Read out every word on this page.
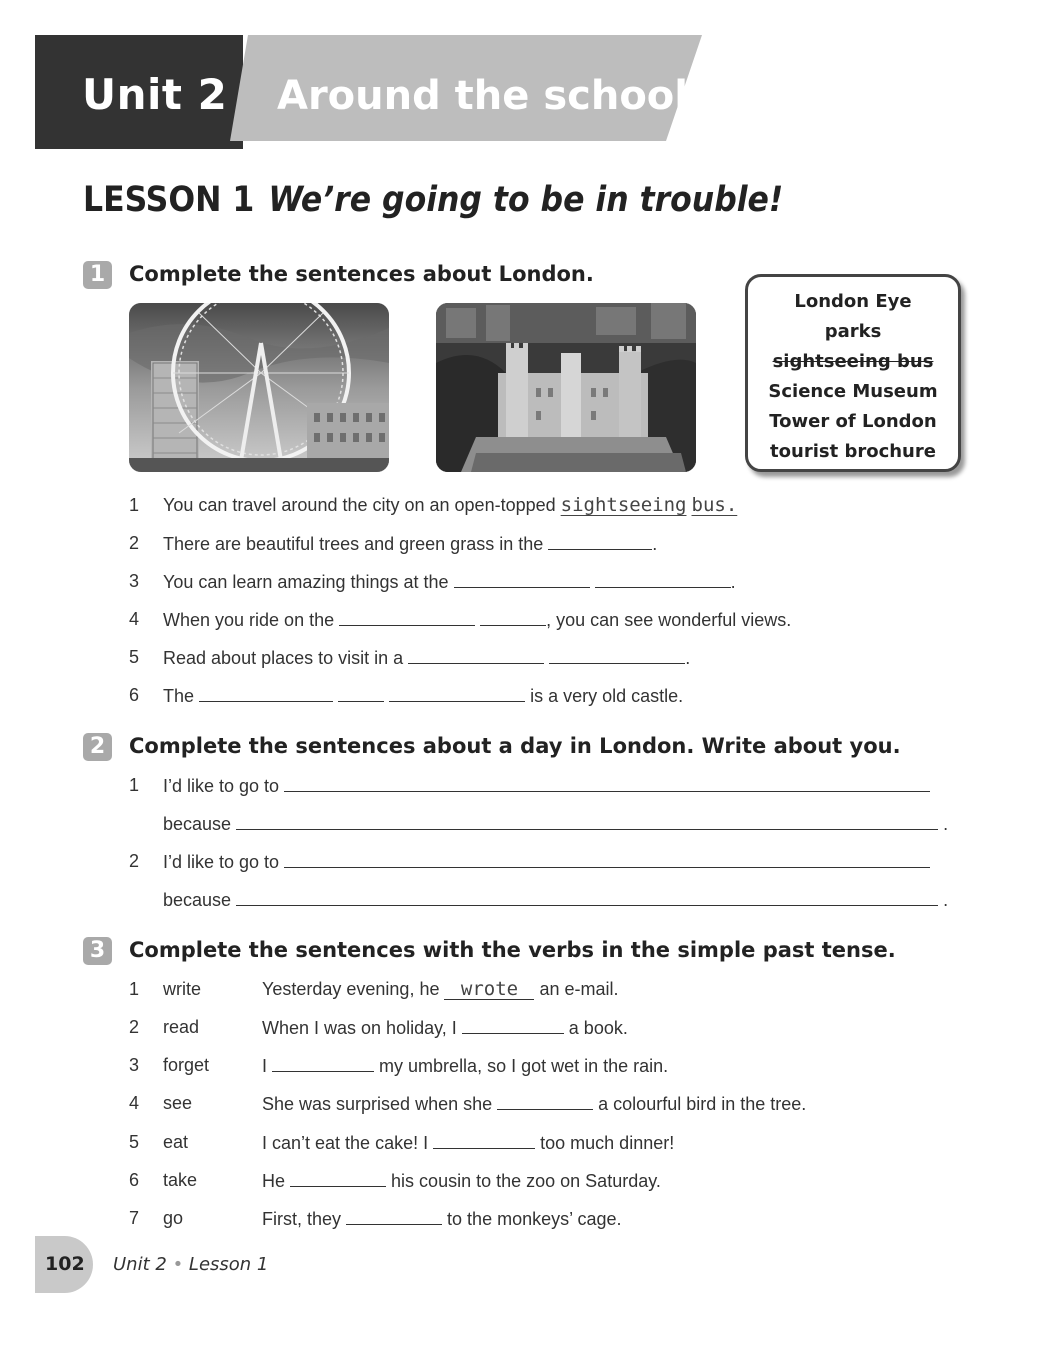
Unit 2 Around the schools
LESSON 1 We’re going to be in trouble!
1	Complete the sentences about London.
London Eye
parks
sightseeing bus
Science Museum
Tower of London
tourist brochure
1 You can travel around the city on an open-topped sightseeing bus.
2 There are beautiful trees and green grass in the	.
3 You can learn amazing things at the	.
4 When you ride on the	, you can see wonderful views.
5 Read about places to visit in a	.
6 The	is a very old castle.
2	Complete the sentences about a day in London. Write about you.
1 I’d like to go to
because	.
2 I’d like to go to
because	.
3	Complete the sentences with the verbs in the simple past tense.
1 write	Yesterday evening, he wrote an e-mail.
2 read	When I was on holiday, I	a book.
3 forget	I	my umbrella, so I got wet in the rain.
4 see	She was surprised when she	a colourful bird in the tree.
5 eat	I can’t eat the cake! I	too much dinner!
6 take	He	his cousin to the zoo on Saturday.
7 go	First, they	to the monkeys’ cage.
102 Unit 2 • Lesson 1
